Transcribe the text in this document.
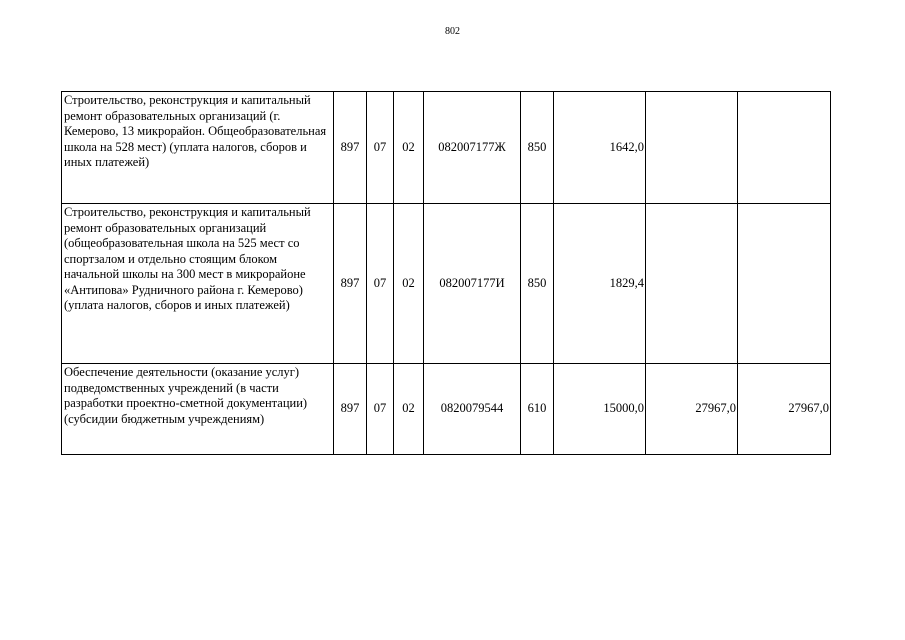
802
Строительство, реконструкция и капитальный ремонт образовательных организаций (г. Кемерово, 13 микрорайон. Общеобразовательная школа на 528 мест) (уплата налогов, сборов и иных платежей)	897	07	02	082007177Ж	850	1642,0		
Строительство, реконструкция и капитальный ремонт образовательных организаций (общеобразовательная школа на 525 мест со спортзалом и отдельно стоящим блоком начальной школы на 300 мест в микрорайоне «Антипова» Рудничного района г. Кемерово) (уплата налогов, сборов и иных платежей)	897	07	02	082007177И	850	1829,4		
Обеспечение деятельности (оказание услуг) подведомственных учреждений (в части разработки проектно-сметной документации) (субсидии бюджетным учреждениям)	897	07	02	0820079544	610	15000,0	27967,0	27967,0
